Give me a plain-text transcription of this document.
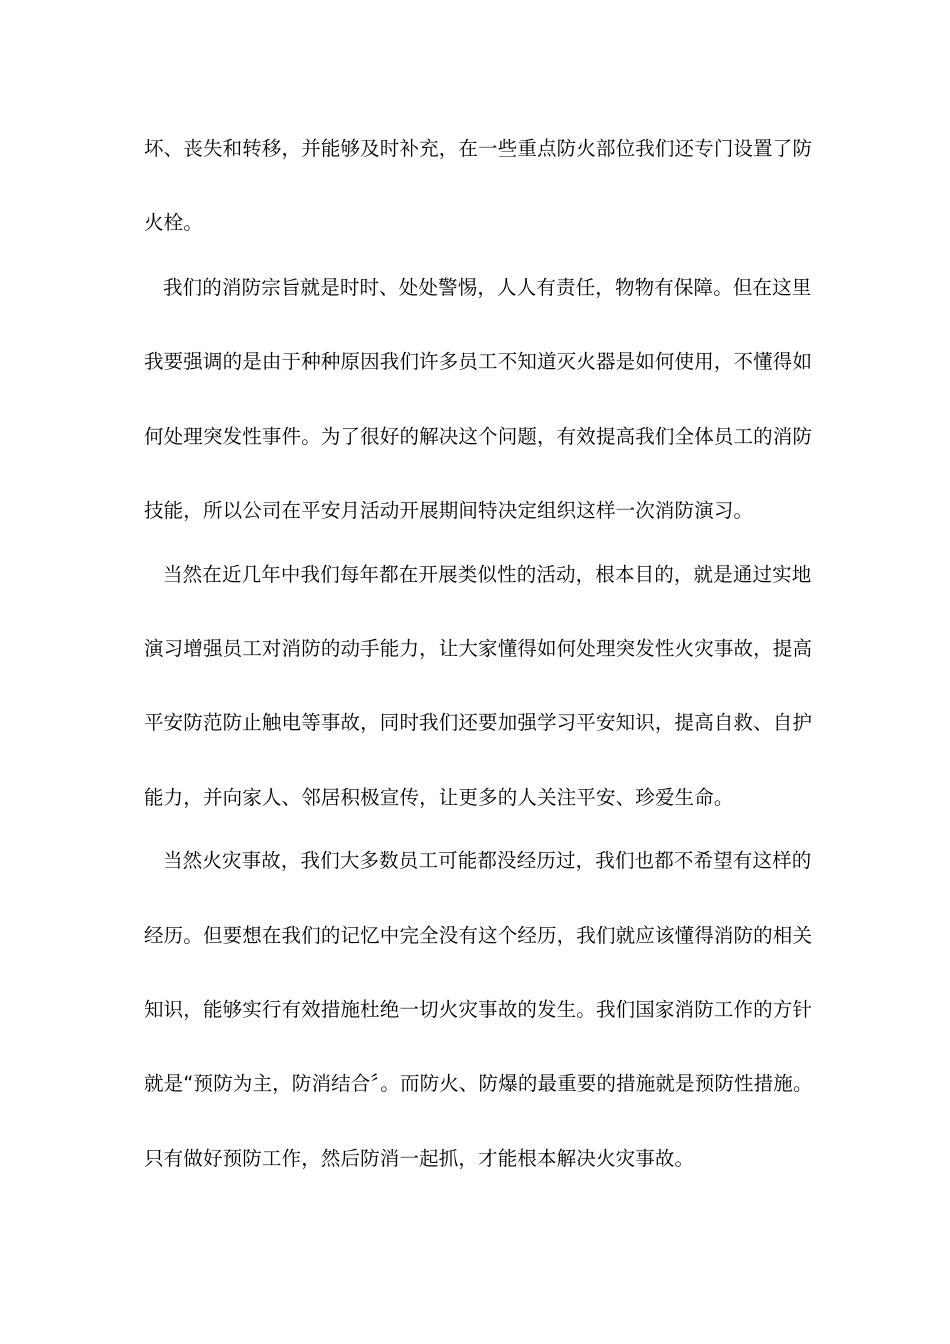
坏、丧失和转移，并能够及时补充，在一些重点防火部位我们还专门设置了防
火栓。
我们的消防宗旨就是时时、处处警惕，人人有责任，物物有保障。但在这里
我要强调的是由于种种原因我们许多员工不知道灭火器是如何使用，不懂得如
何处理突发性事件。为了很好的解决这个问题，有效提高我们全体员工的消防
技能，所以公司在平安月活动开展期间特决定组织这样一次消防演习。
当然在近几年中我们每年都在开展类似性的活动，根本目的，就是通过实地
演习增强员工对消防的动手能力，让大家懂得如何处理突发性火灾事故，提高
平安防范防止触电等事故，同时我们还要加强学习平安知识，提高自救、自护
能力，并向家人、邻居积极宣传，让更多的人关注平安、珍爱生命。
当然火灾事故，我们大多数员工可能都没经历过，我们也都不希望有这样的
经历。但要想在我们的记忆中完全没有这个经历，我们就应该懂得消防的相关
知识，能够实行有效措施杜绝一切火灾事故的发生。我们国家消防工作的方针
就是“预防为主，防消结合〞。而防火、防爆的最重要的措施就是预防性措施。
只有做好预防工作，然后防消一起抓，才能根本解决火灾事故。
